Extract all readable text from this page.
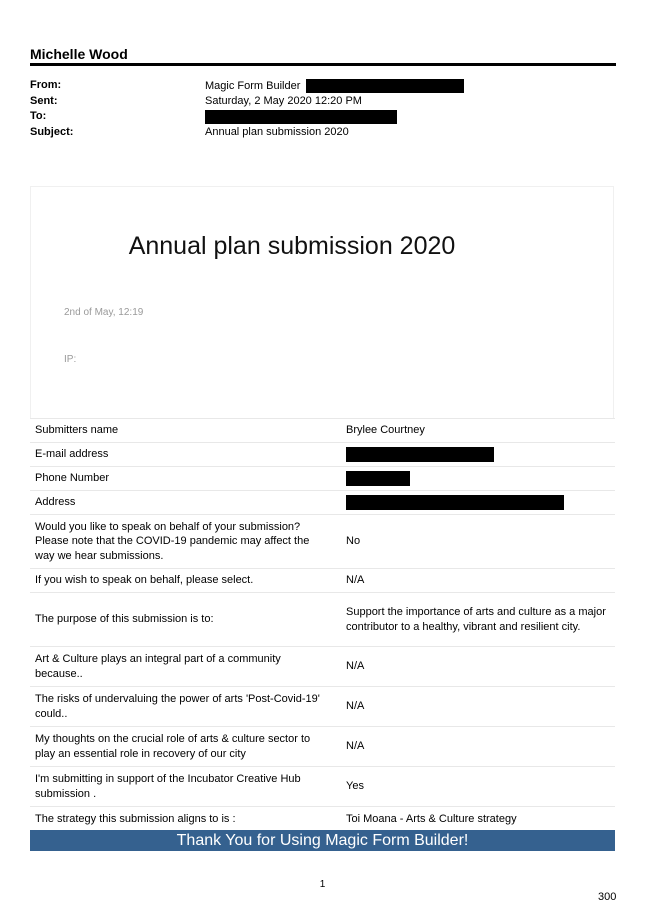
Michelle Wood
From:	Magic Form Builder
Sent:	Saturday, 2 May 2020 12:20 PM
To:
Subject:	Annual plan submission 2020
Annual plan submission 2020
2nd of May, 12:19
IP:
Submitters name	Brylee Courtney
E-mail address	
Phone Number	
Address	
Would you like to speak on behalf of your submission? Please note that the COVID-19 pandemic may affect the way we hear submissions.	No
If you wish to speak on behalf, please select.	N/A
The purpose of this submission is to:	Support the importance of arts and culture as a major contributor to a healthy, vibrant and resilient city.
Art & Culture plays an integral part of a community because..	N/A
The risks of undervaluing the power of arts 'Post-Covid-19' could..	N/A
My thoughts on the crucial role of arts & culture sector to play an essential role in recovery of our city	N/A
I'm submitting in support of the Incubator Creative Hub submission .	Yes
The strategy this submission aligns to is :	Toi Moana - Arts & Culture strategy
Thank You for Using Magic Form Builder!
1
300
